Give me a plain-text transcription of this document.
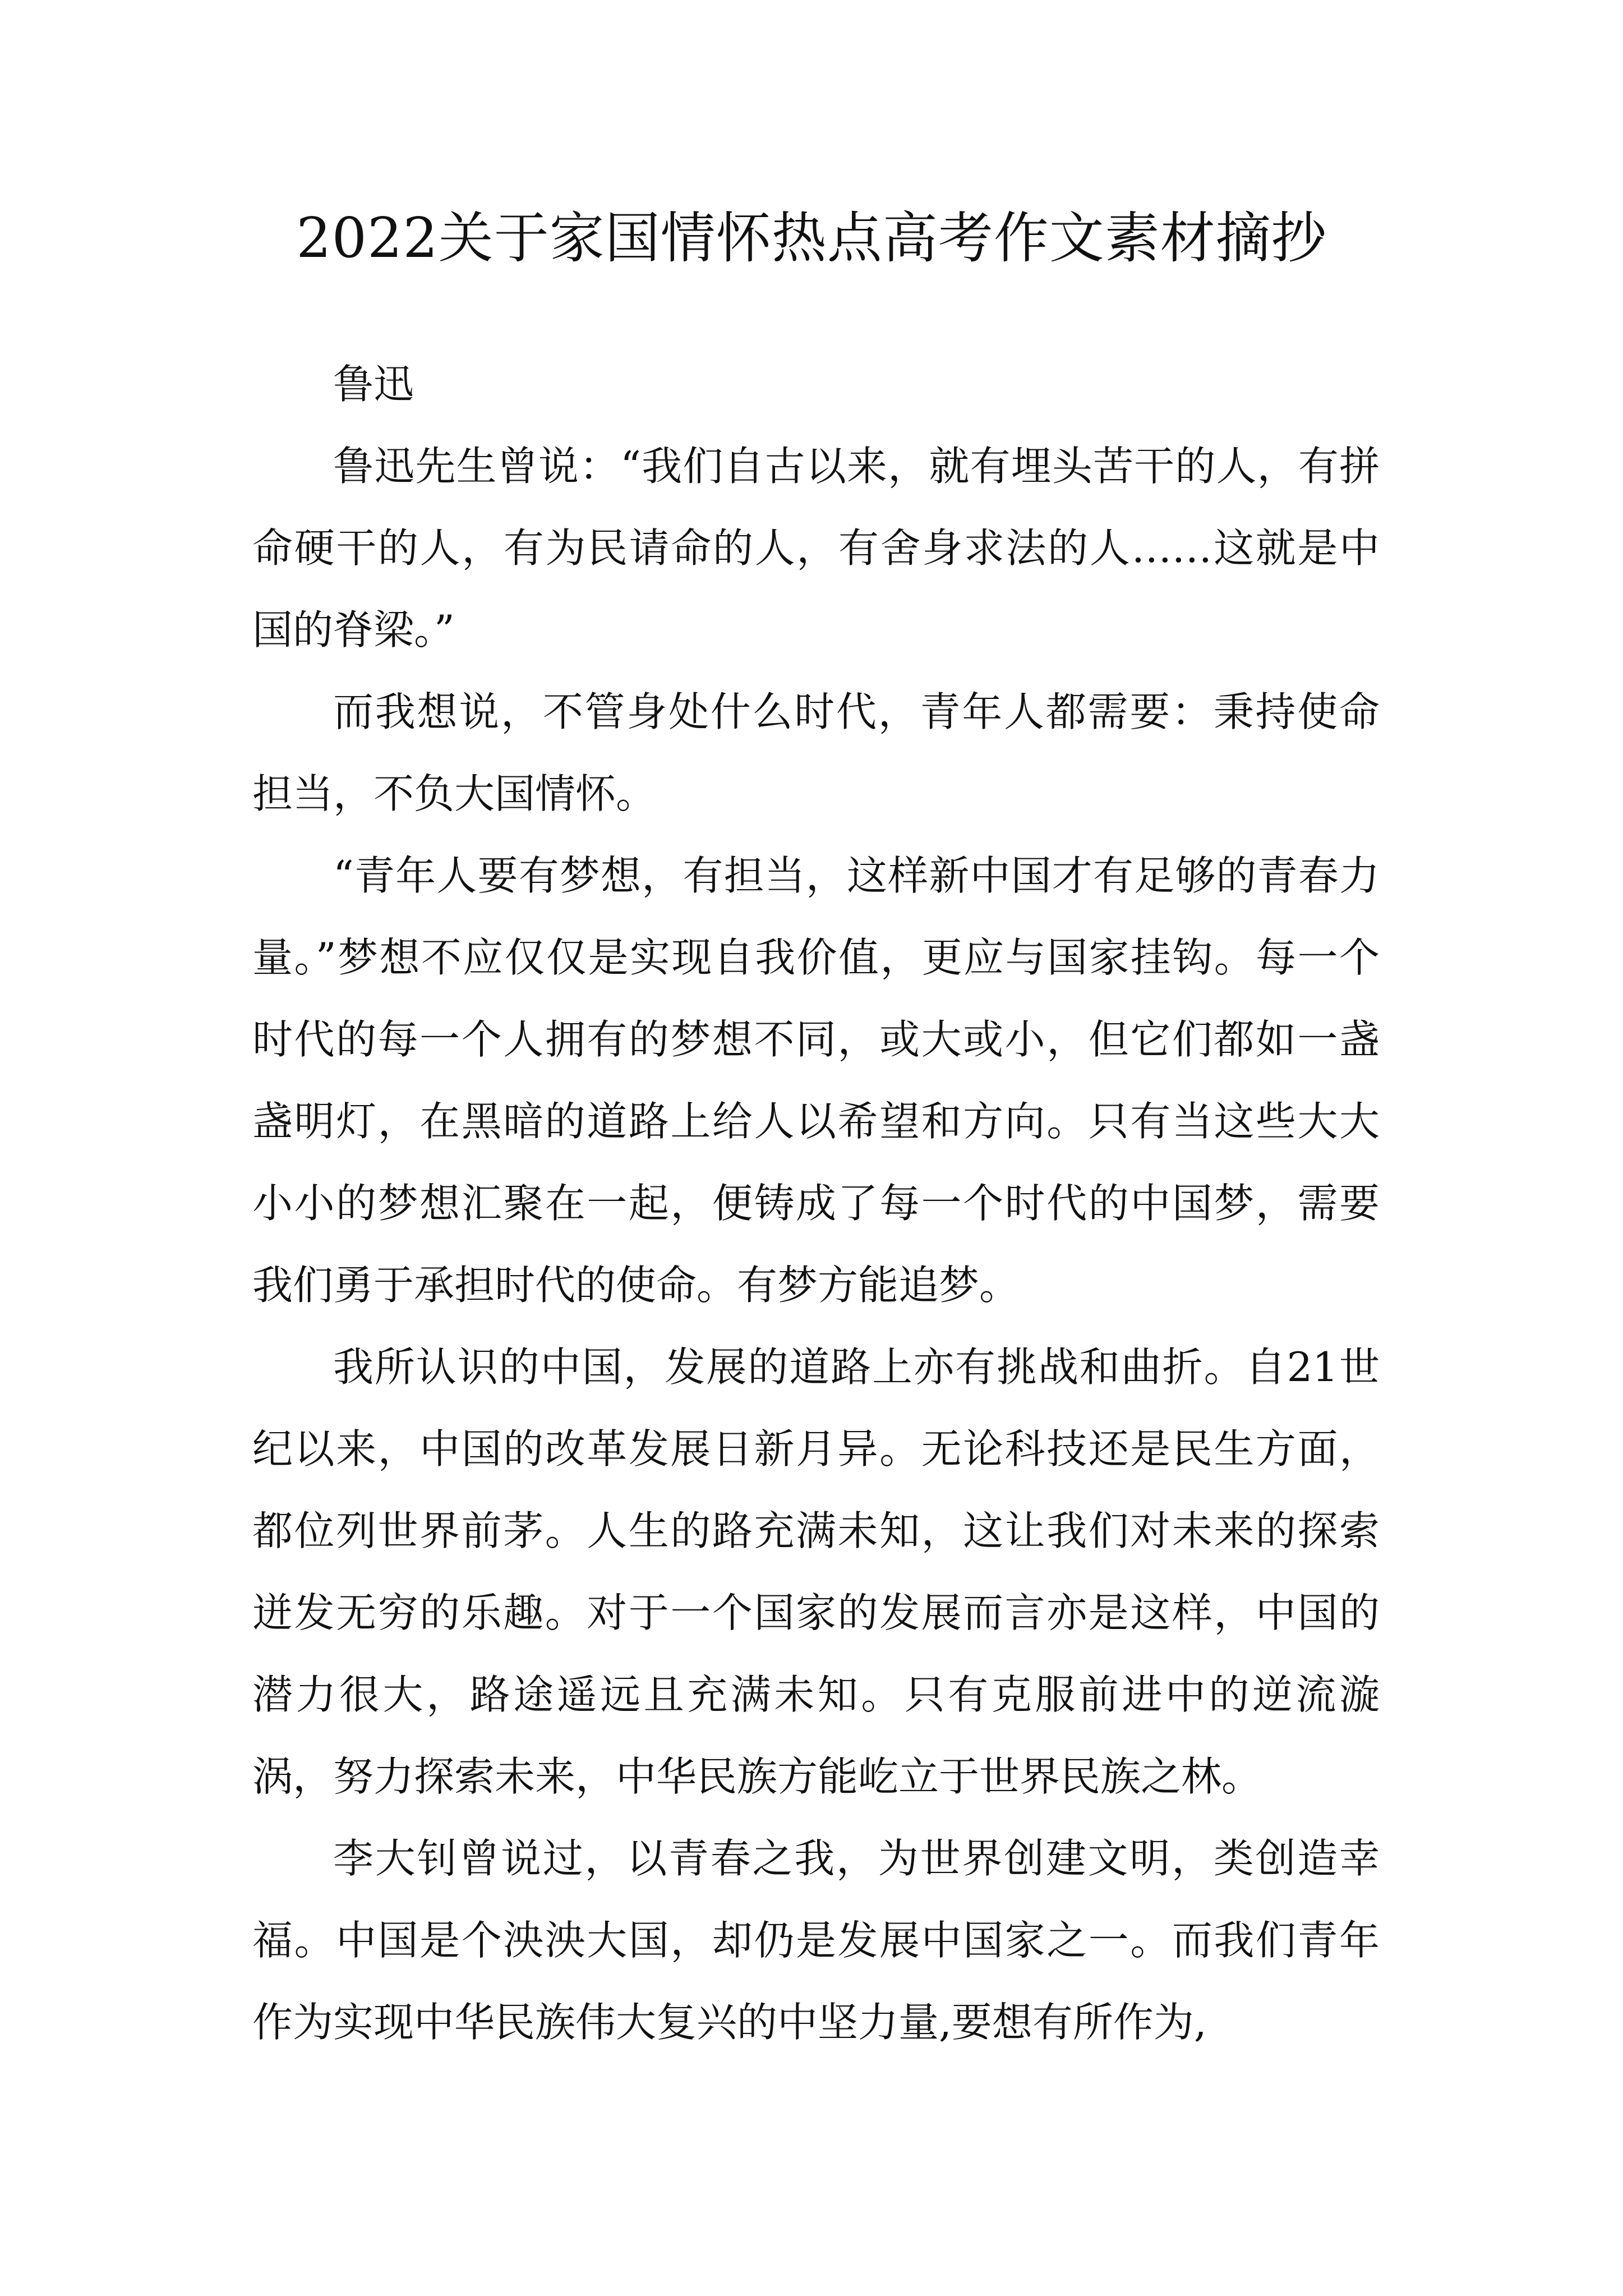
2022关于家国情怀热点高考作文素材摘抄

鲁迅

鲁迅先生曾说：“我们自古以来，就有埋头苦干的人，有拼命硬干的人，有为民请命的人，有舍身求法的人……这就是中国的脊梁。”

而我想说，不管身处什么时代，青年人都需要：秉持使命担当，不负大国情怀。

“青年人要有梦想，有担当，这样新中国才有足够的青春力量。”梦想不应仅仅是实现自我价值，更应与国家挂钩。每一个时代的每一个人拥有的梦想不同，或大或小，但它们都如一盏盏明灯，在黑暗的道路上给人以希望和方向。只有当这些大大小小的梦想汇聚在一起，便铸成了每一个时代的中国梦，需要我们勇于承担时代的使命。有梦方能追梦。

我所认识的中国，发展的道路上亦有挑战和曲折。自21世纪以来，中国的改革发展日新月异。无论科技还是民生方面，都位列世界前茅。人生的路充满未知，这让我们对未来的探索迸发无穷的乐趣。对于一个国家的发展而言亦是这样，中国的潜力很大，路途遥远且充满未知。只有克服前进中的逆流漩涡，努力探索未来，中华民族方能屹立于世界民族之林。

李大钊曾说过，以青春之我，为世界创建文明，类创造幸福。中国是个泱泱大国，却仍是发展中国家之一。而我们青年作为实现中华民族伟大复兴的中坚力量,要想有所作为,
